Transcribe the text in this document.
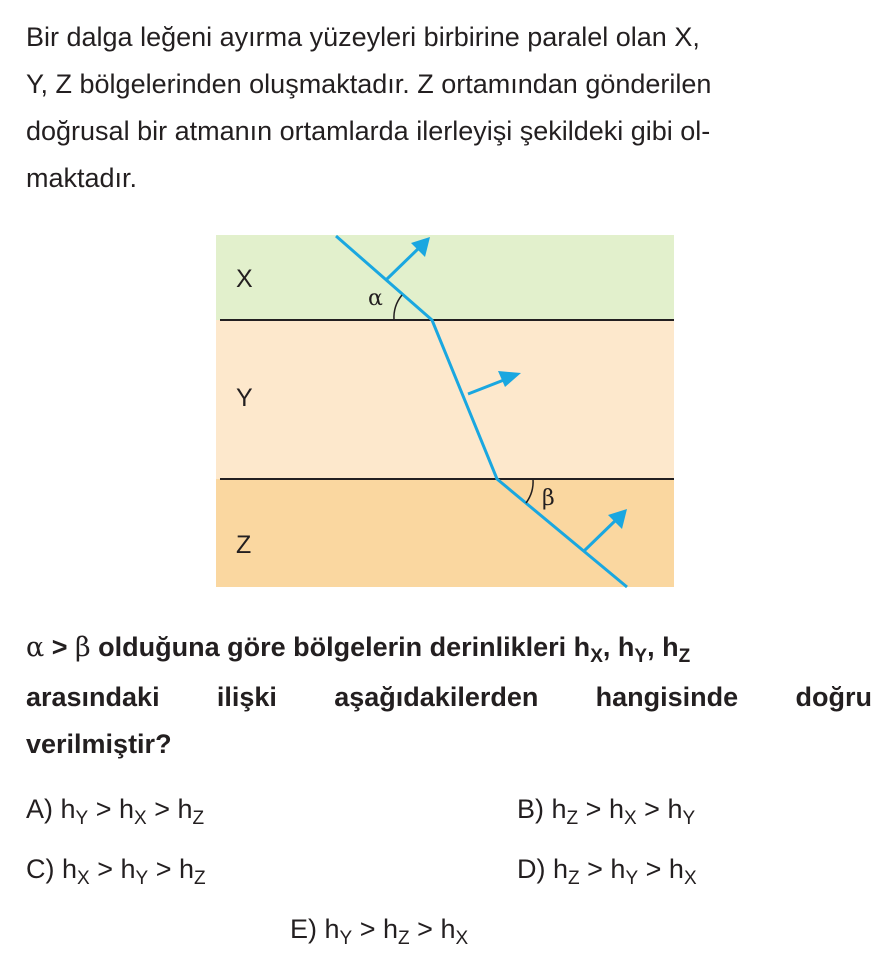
Bir dalga leğeni ayırma yüzeyleri birbirine paralel olan X,
Y, Z bölgelerinden oluşmaktadır. Z ortamından gönderilen
doğrusal bir atmanın ortamlarda ilerleyişi şekildeki gibi ol-
maktadır.
X
Y
Z
α
β
α > β olduğuna göre bölgelerin derinlikleri $h_X$, $h_Y$, $h_Z$
arasındaki ilişki aşağıdakilerden hangisinde doğru
verilmiştir?
A) $h_Y > h_X > h_Z$	B) $h_Z > h_X > h_Y$
C) $h_X > h_Y > h_Z$	D) $h_Z > h_Y > h_X$
E) $h_Y > h_Z > h_X$
